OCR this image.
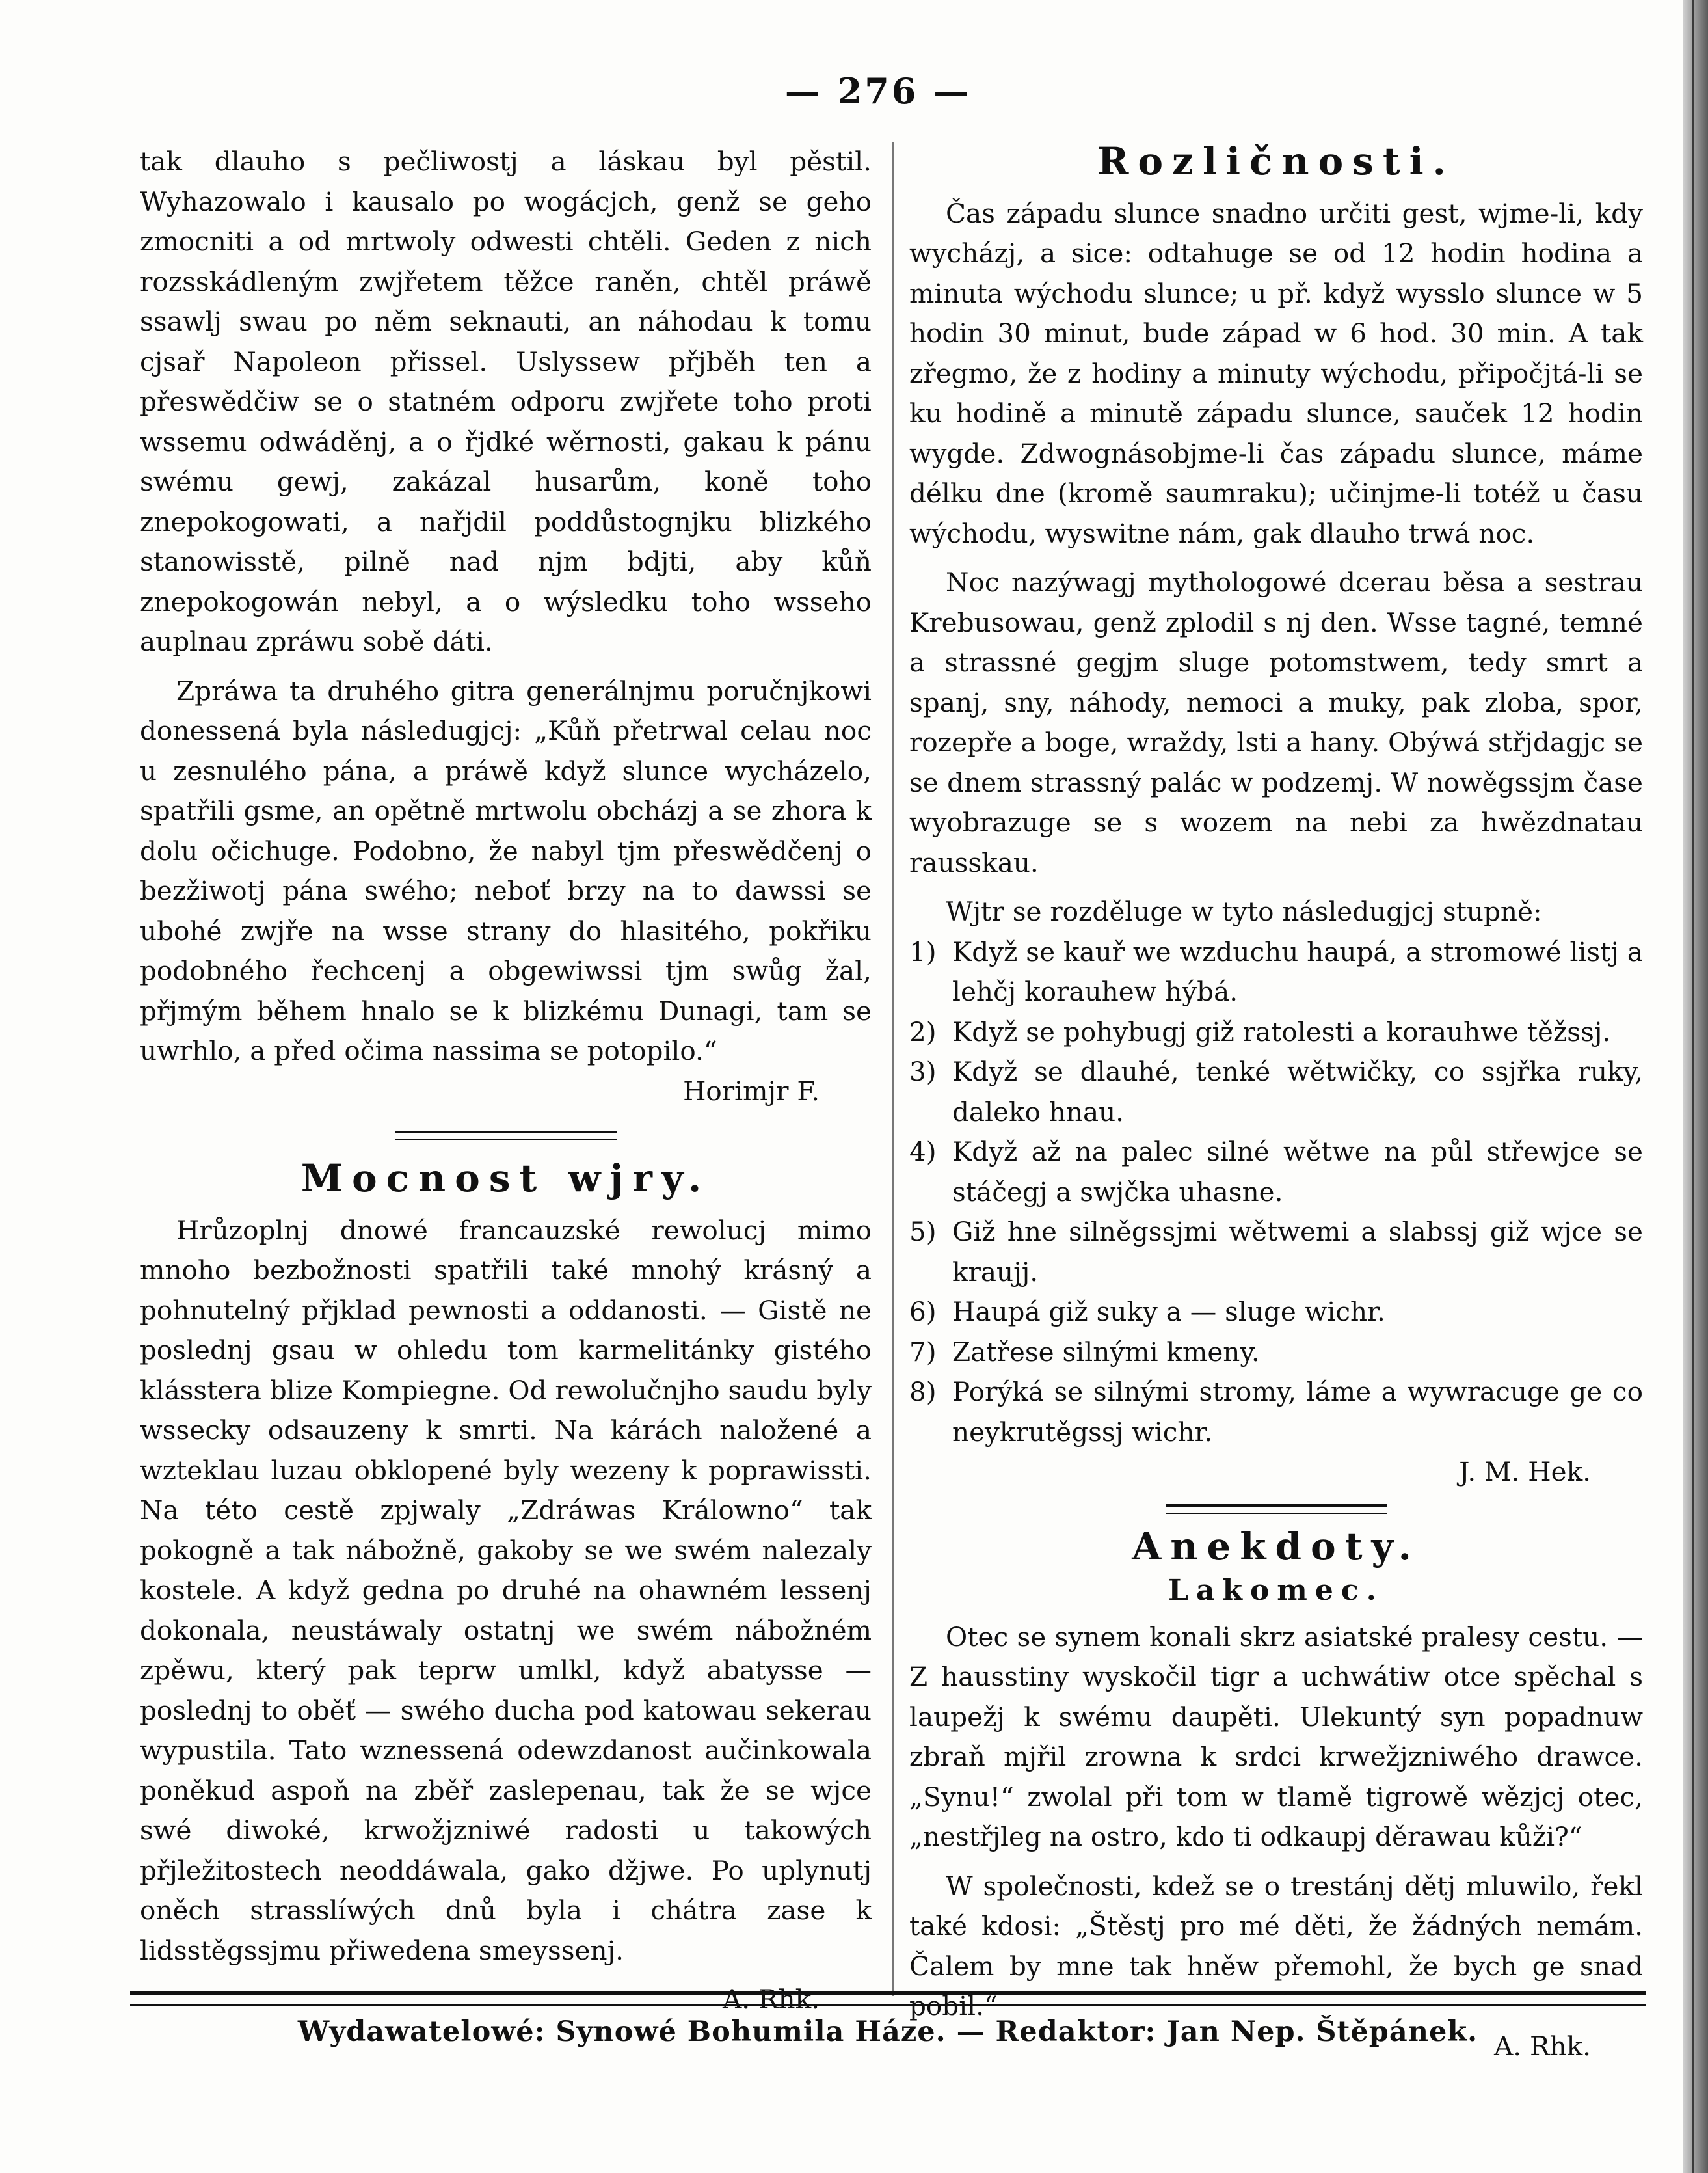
— 276 —

tak dlauho s pečliwostj a láskau byl pěstil. Wyhazowalo i kausalo po wogácjch, genž se geho zmocniti a od mrtwoly odwesti chtěli. Geden z nich rozsskádleným zwjřetem těžce raněn, chtěl práwě ssawlj swau po něm seknauti, an náhodau k tomu cjsař Napoleon přissel. Uslyssew přjběh ten a přeswědčiw se o statném odporu zwjřete toho proti wssemu odwáděnj, a o řjdké wěrnosti, gakau k pánu swému gewj, zakázal husarům, koně toho znepokogowati, a nařjdil poddůstognjku blizkého stanowisstě, pilně nad njm bdjti, aby kůň znepokogowán nebyl, a o wýsledku toho wsseho auplnau zpráwu sobě dáti.

Zpráwa ta druhého gitra generálnjmu poručnjkowi donessená byla následugjcj: „Kůň přetrwal celau noc u zesnulého pána, a práwě když slunce wycházelo, spatřili gsme, an opětně mrtwolu obcházj a se zhora k dolu očichuge. Podobno, že nabyl tjm přeswědčenj o bezžiwotj pána swého; neboť brzy na to dawssi se ubohé zwjře na wsse strany do hlasitého, pokřiku podobného řechcenj a obgewiwssi tjm swůg žal, přjmým během hnalo se k blizkému Dunagi, tam se uwrhlo, a před očima nassima se potopilo.“

Horimjr F.

Mocnost wjry.

Hrůzoplnj dnowé francauzské rewolucj mimo mnoho bezbožnosti spatřili také mnohý krásný a pohnutelný přjklad pewnosti a oddanosti. — Gistě ne poslednj gsau w ohledu tom karmelitánky gistého klásstera blize Kompiegne. Od rewolučnjho saudu byly wssecky odsauzeny k smrti. Na kárách naložené a wzteklau luzau obklopené byly wezeny k poprawissti. Na této cestě zpjwaly „Zdráwas Králowno“ tak pokogně a tak nábožně, gakoby se we swém nalezaly kostele. A když gedna po druhé na ohawném lessenj dokonala, neustáwaly ostatnj we swém nábožném zpěwu, který pak teprw umlkl, když abatysse — poslednj to oběť — swého ducha pod katowau sekerau wypustila. Tato wznessená odewzdanost aučinkowala poněkud aspoň na zběř zaslepenau, tak že se wjce swé diwoké, krwožjzniwé radosti u takowých přjležitostech neoddáwala, gako džjwe. Po uplynutj oněch strasslíwých dnů byla i chátra zase k lidsstěgssjmu přiwedena smeyssenj.

A. Rhk.

Rozličnosti.

Čas západu slunce snadno určiti gest, wjme-li, kdy wycházj, a sice: odtahuge se od 12 hodin hodina a minuta wýchodu slunce; u př. když wysslo slunce w 5 hodin 30 minut, bude západ w 6 hod. 30 min. A tak zřegmo, že z hodiny a minuty wýchodu, připočjtá-li se ku hodině a minutě západu slunce, sauček 12 hodin wygde. Zdwognásobjme-li čas západu slunce, máme délku dne (kromě saumraku); učinjme-li totéž u času wýchodu, wyswitne nám, gak dlauho trwá noc.

Noc nazýwagj mythologowé dcerau běsa a sestrau Krebusowau, genž zplodil s nj den. Wsse tagné, temné a strassné gegjm sluge potomstwem, tedy smrt a spanj, sny, náhody, nemoci a muky, pak zloba, spor, rozepře a boge, wraždy, lsti a hany. Obýwá střjdagjc se se dnem strassný palác w podzemj. W nowěgssjm čase wyobrazuge se s wozem na nebi za hwězdnatau rausskau.

Wjtr se rozděluge w tyto následugjcj stupně:

1) Když se kauř we wzduchu haupá, a stromowé listj a lehčj korauhew hýbá.
2) Když se pohybugj giž ratolesti a korauhwe těžssj.
3) Když se dlauhé, tenké wětwičky, co ssjřka ruky, daleko hnau.
4) Když až na palec silné wětwe na půl střewjce se stáčegj a swjčka uhasne.
5) Giž hne silněgssjmi wětwemi a slabssj giž wjce se kraujj.
6) Haupá giž suky a — sluge wichr.
7) Zatřese silnými kmeny.
8) Porýká se silnými stromy, láme a wywracuge ge co neykrutěgssj wichr.

J. M. Hek.

Anekdoty.
Lakomec.

Otec se synem konali skrz asiatské pralesy cestu. — Z hausstiny wyskočil tigr a uchwátiw otce spěchal s laupežj k swému daupěti. Ulekuntý syn popadnuw zbraň mjřil zrowna k srdci krwežjzniwého drawce. „Synu!“ zwolal při tom w tlamě tigrowě wězjcj otec, „nestřjleg na ostro, kdo ti odkaupj děrawau kůži?“

W společnosti, kdež se o trestánj dětj mluwilo, řekl také kdosi: „Štěstj pro mé děti, že žádných nemám. Čalem by mne tak hněw přemohl, že bych ge snad pobil.“

A. Rhk.

Wydawatelowé: Synowé Bohumila Háze. — Redaktor: Jan Nep. Štěpánek.
